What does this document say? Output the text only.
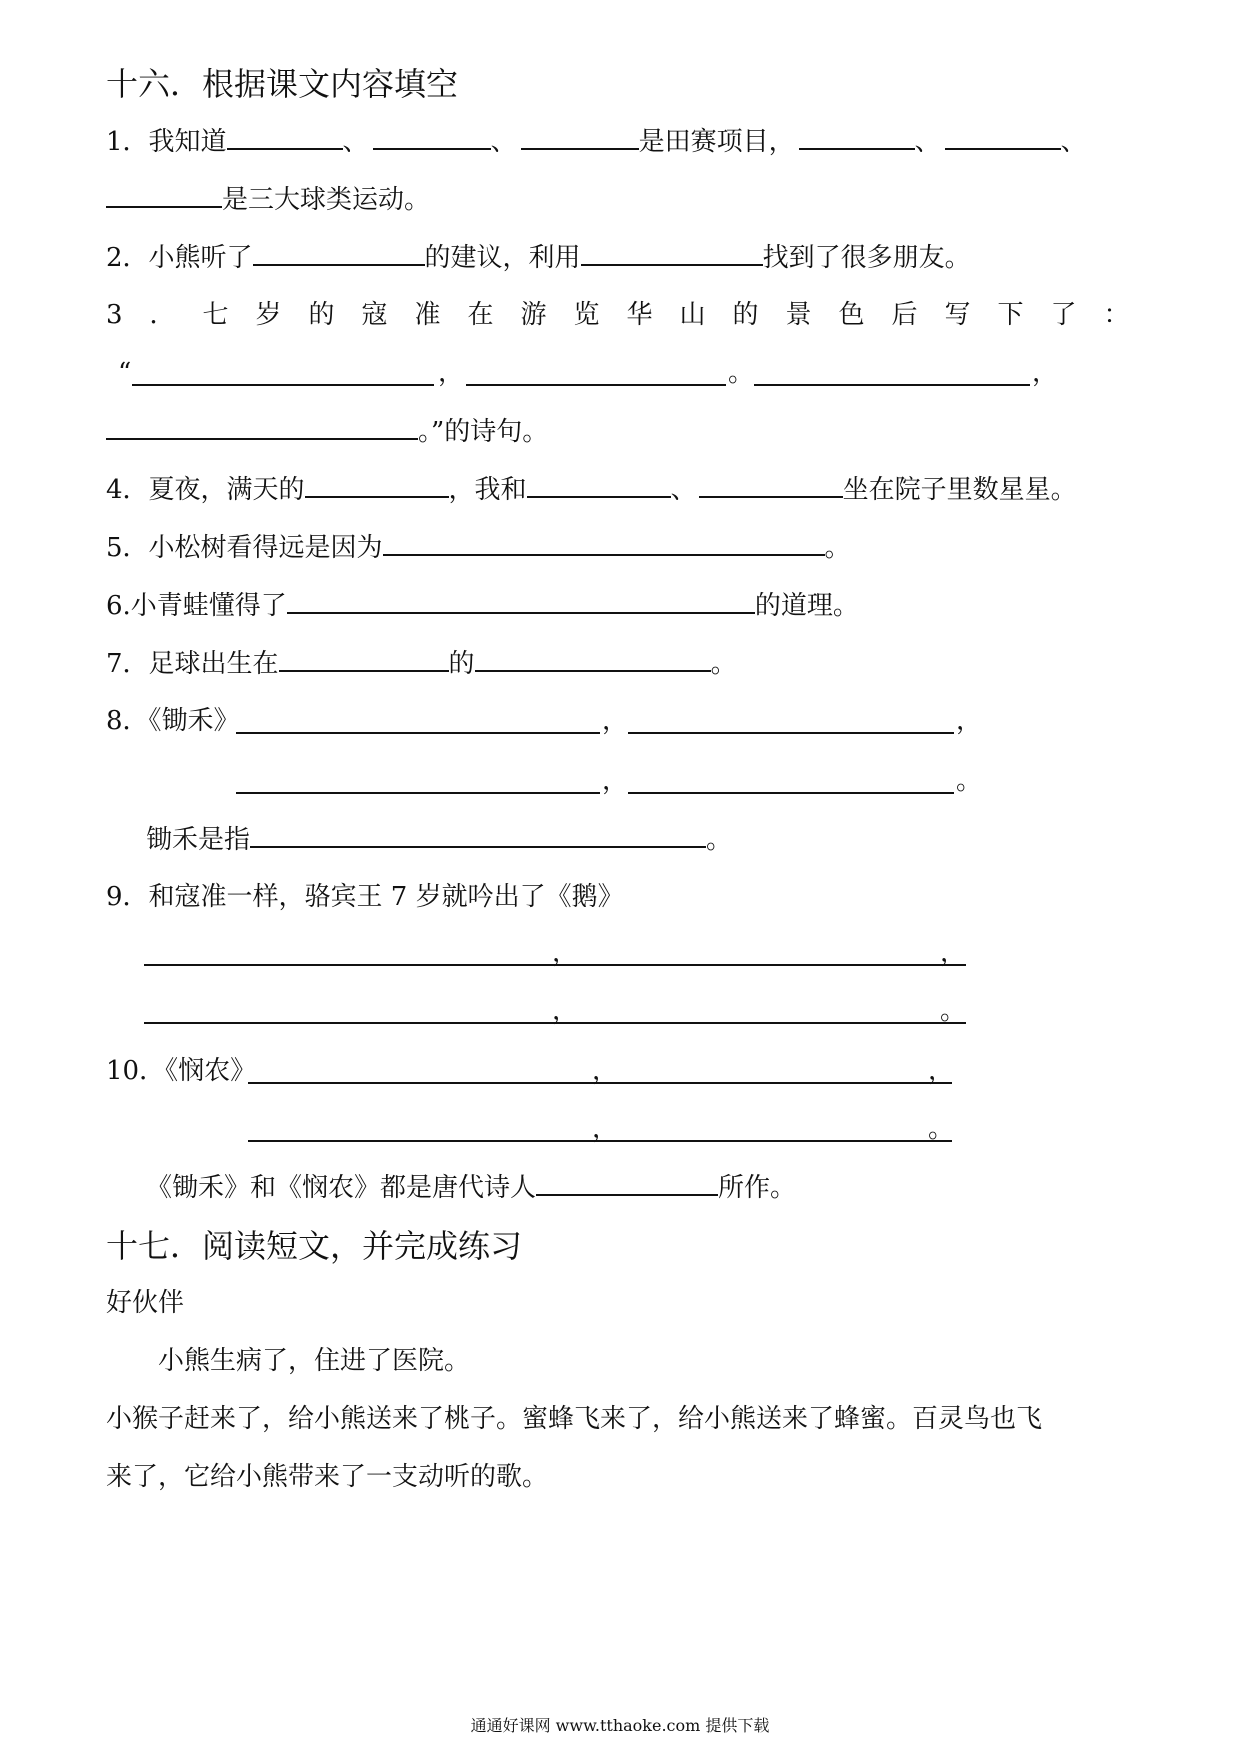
十六．根据课文内容填空
1．我知道	、	、	是田赛项目，	、	、
是三大球类运动。
2．小熊听了	的建议，利用	找到了很多朋友。
3．七岁的寇准在游览华山的景色后写下了：
“	，	。	，
。”的诗句。
4．夏夜，满天的	，我和	、	坐在院子里数星星。
5．小松树看得远是因为	。
6.小青蛙懂得了	的道理。
7．足球出生在	的	。
8．《锄禾》	，	，
，	。
锄禾是指	。
9．和寇准一样，骆宾王 7 岁就吟出了《鹅》
，	，
，	。
10．《悯农》	，	，
，	。
《锄禾》和《悯农》都是唐代诗人	所作。
十七．阅读短文，并完成练习
好伙伴
小熊生病了，住进了医院。
小猴子赶来了，给小熊送来了桃子。蜜蜂飞来了，给小熊送来了蜂蜜。百灵鸟也飞
来了，它给小熊带来了一支动听的歌。
通通好课网 www.tthaoke.com 提供下载
